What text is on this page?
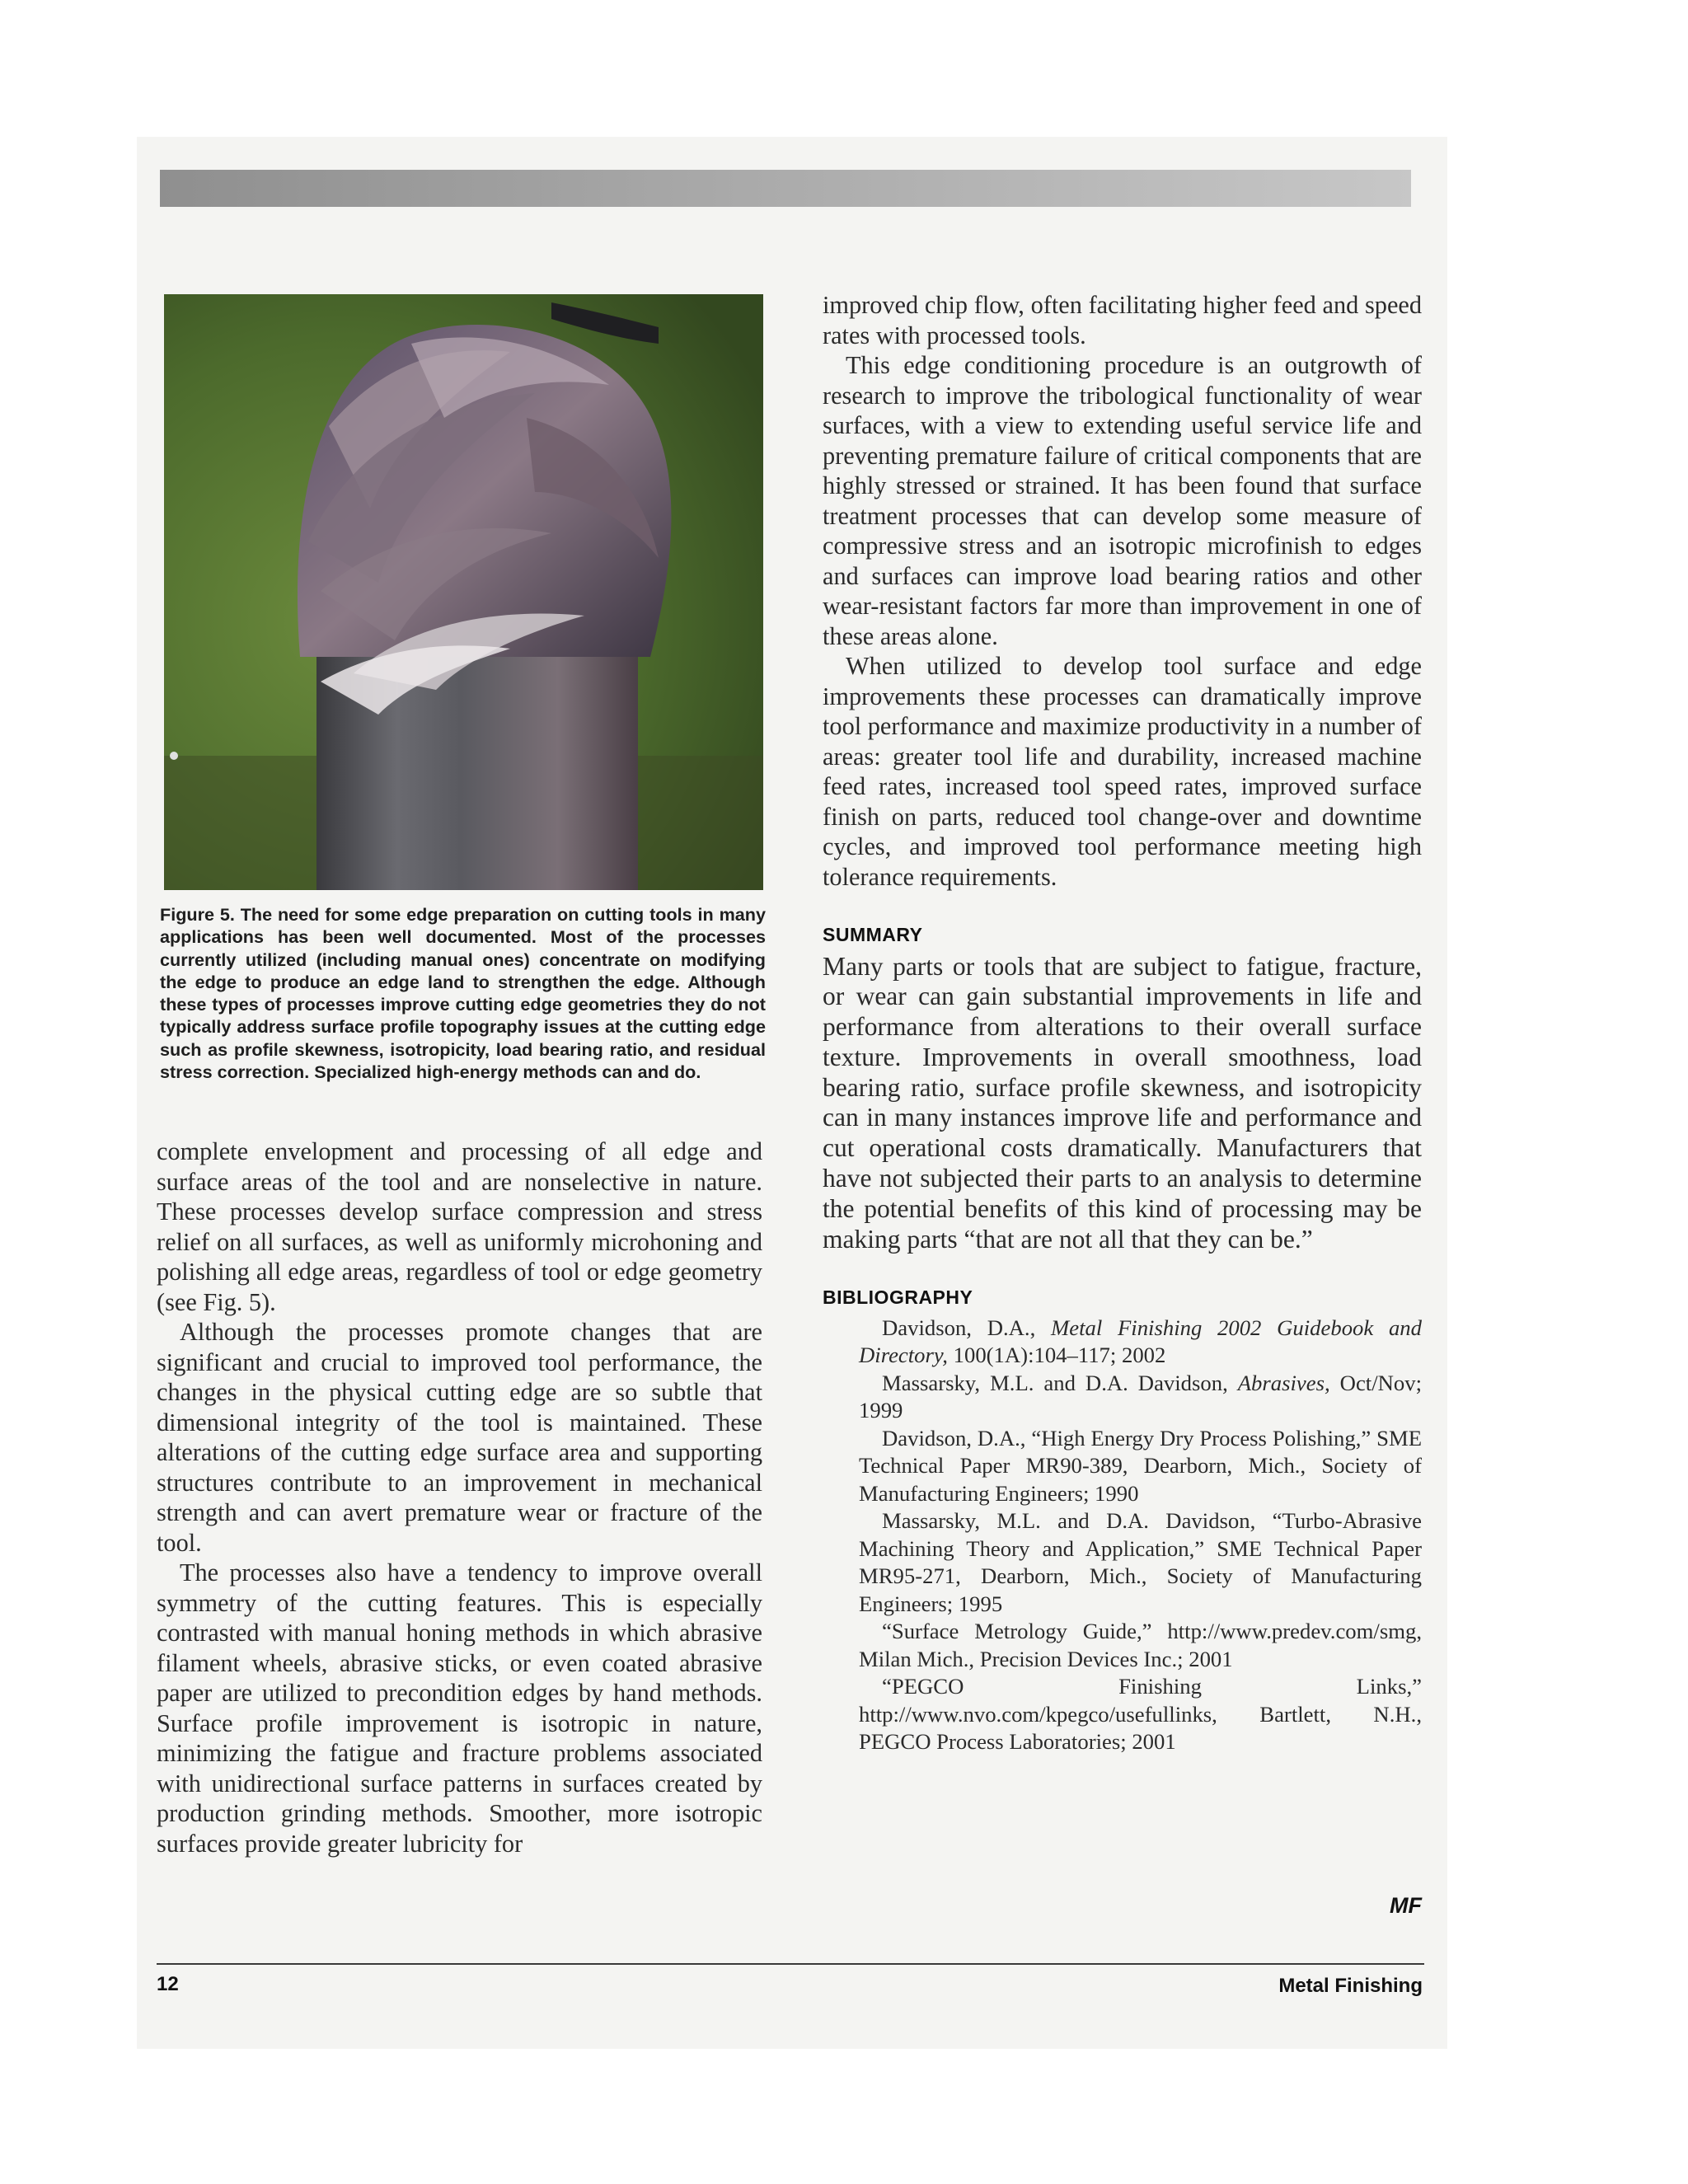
Figure 5. The need for some edge preparation on cutting tools in many applications has been well documented. Most of the processes currently utilized (including manual ones) concentrate on modifying the edge to produce an edge land to strengthen the edge. Although these types of processes improve cutting edge geometries they do not typically address surface profile topography issues at the cutting edge such as profile skewness, isotropicity, load bearing ratio, and residual stress correction. Specialized high-energy methods can and do.

complete envelopment and processing of all edge and surface areas of the tool and are nonselective in nature. These processes develop surface compression and stress relief on all surfaces, as well as uniformly microhoning and polishing all edge areas, regardless of tool or edge geometry (see Fig. 5).

Although the processes promote changes that are significant and crucial to improved tool performance, the changes in the physical cutting edge are so subtle that dimensional integrity of the tool is maintained. These alterations of the cutting edge surface area and supporting structures contribute to an improvement in mechanical strength and can avert premature wear or fracture of the tool.

The processes also have a tendency to improve overall symmetry of the cutting features. This is especially contrasted with manual honing methods in which abrasive filament wheels, abrasive sticks, or even coated abrasive paper are utilized to precondition edges by hand methods. Surface profile improvement is isotropic in nature, minimizing the fatigue and fracture problems associated with unidirectional surface patterns in surfaces created by production grinding methods. Smoother, more isotropic surfaces provide greater lubricity for

improved chip flow, often facilitating higher feed and speed rates with processed tools.

This edge conditioning procedure is an outgrowth of research to improve the tribological functionality of wear surfaces, with a view to extending useful service life and preventing premature failure of critical components that are highly stressed or strained. It has been found that surface treatment processes that can develop some measure of compressive stress and an isotropic microfinish to edges and surfaces can improve load bearing ratios and other wear-resistant factors far more than improvement in one of these areas alone.

When utilized to develop tool surface and edge improvements these processes can dramatically improve tool performance and maximize productivity in a number of areas: greater tool life and durability, increased machine feed rates, increased tool speed rates, improved surface finish on parts, reduced tool change-over and downtime cycles, and improved tool performance meeting high tolerance requirements.

SUMMARY

Many parts or tools that are subject to fatigue, fracture, or wear can gain substantial improvements in life and performance from alterations to their overall surface texture. Improvements in overall smoothness, load bearing ratio, surface profile skewness, and isotropicity can in many instances improve life and performance and cut operational costs dramatically. Manufacturers that have not subjected their parts to an analysis to determine the potential benefits of this kind of processing may be making parts “that are not all that they can be.”

BIBLIOGRAPHY

Davidson, D.A., Metal Finishing 2002 Guidebook and Directory, 100(1A):104–117; 2002

Massarsky, M.L. and D.A. Davidson, Abrasives, Oct/Nov; 1999

Davidson, D.A., “High Energy Dry Process Polishing,” SME Technical Paper MR90-389, Dearborn, Mich., Society of Manufacturing Engineers; 1990

Massarsky, M.L. and D.A. Davidson, “Turbo-Abrasive Machining Theory and Application,” SME Technical Paper MR95-271, Dearborn, Mich., Society of Manufacturing Engineers; 1995

“Surface Metrology Guide,” http://www.predev.com/smg, Milan Mich., Precision Devices Inc.; 2001

“PEGCO Finishing Links,” http://www.nvo.com/kpegco/usefullinks, Bartlett, N.H., PEGCO Process Laboratories; 2001

MF
12	Metal Finishing
